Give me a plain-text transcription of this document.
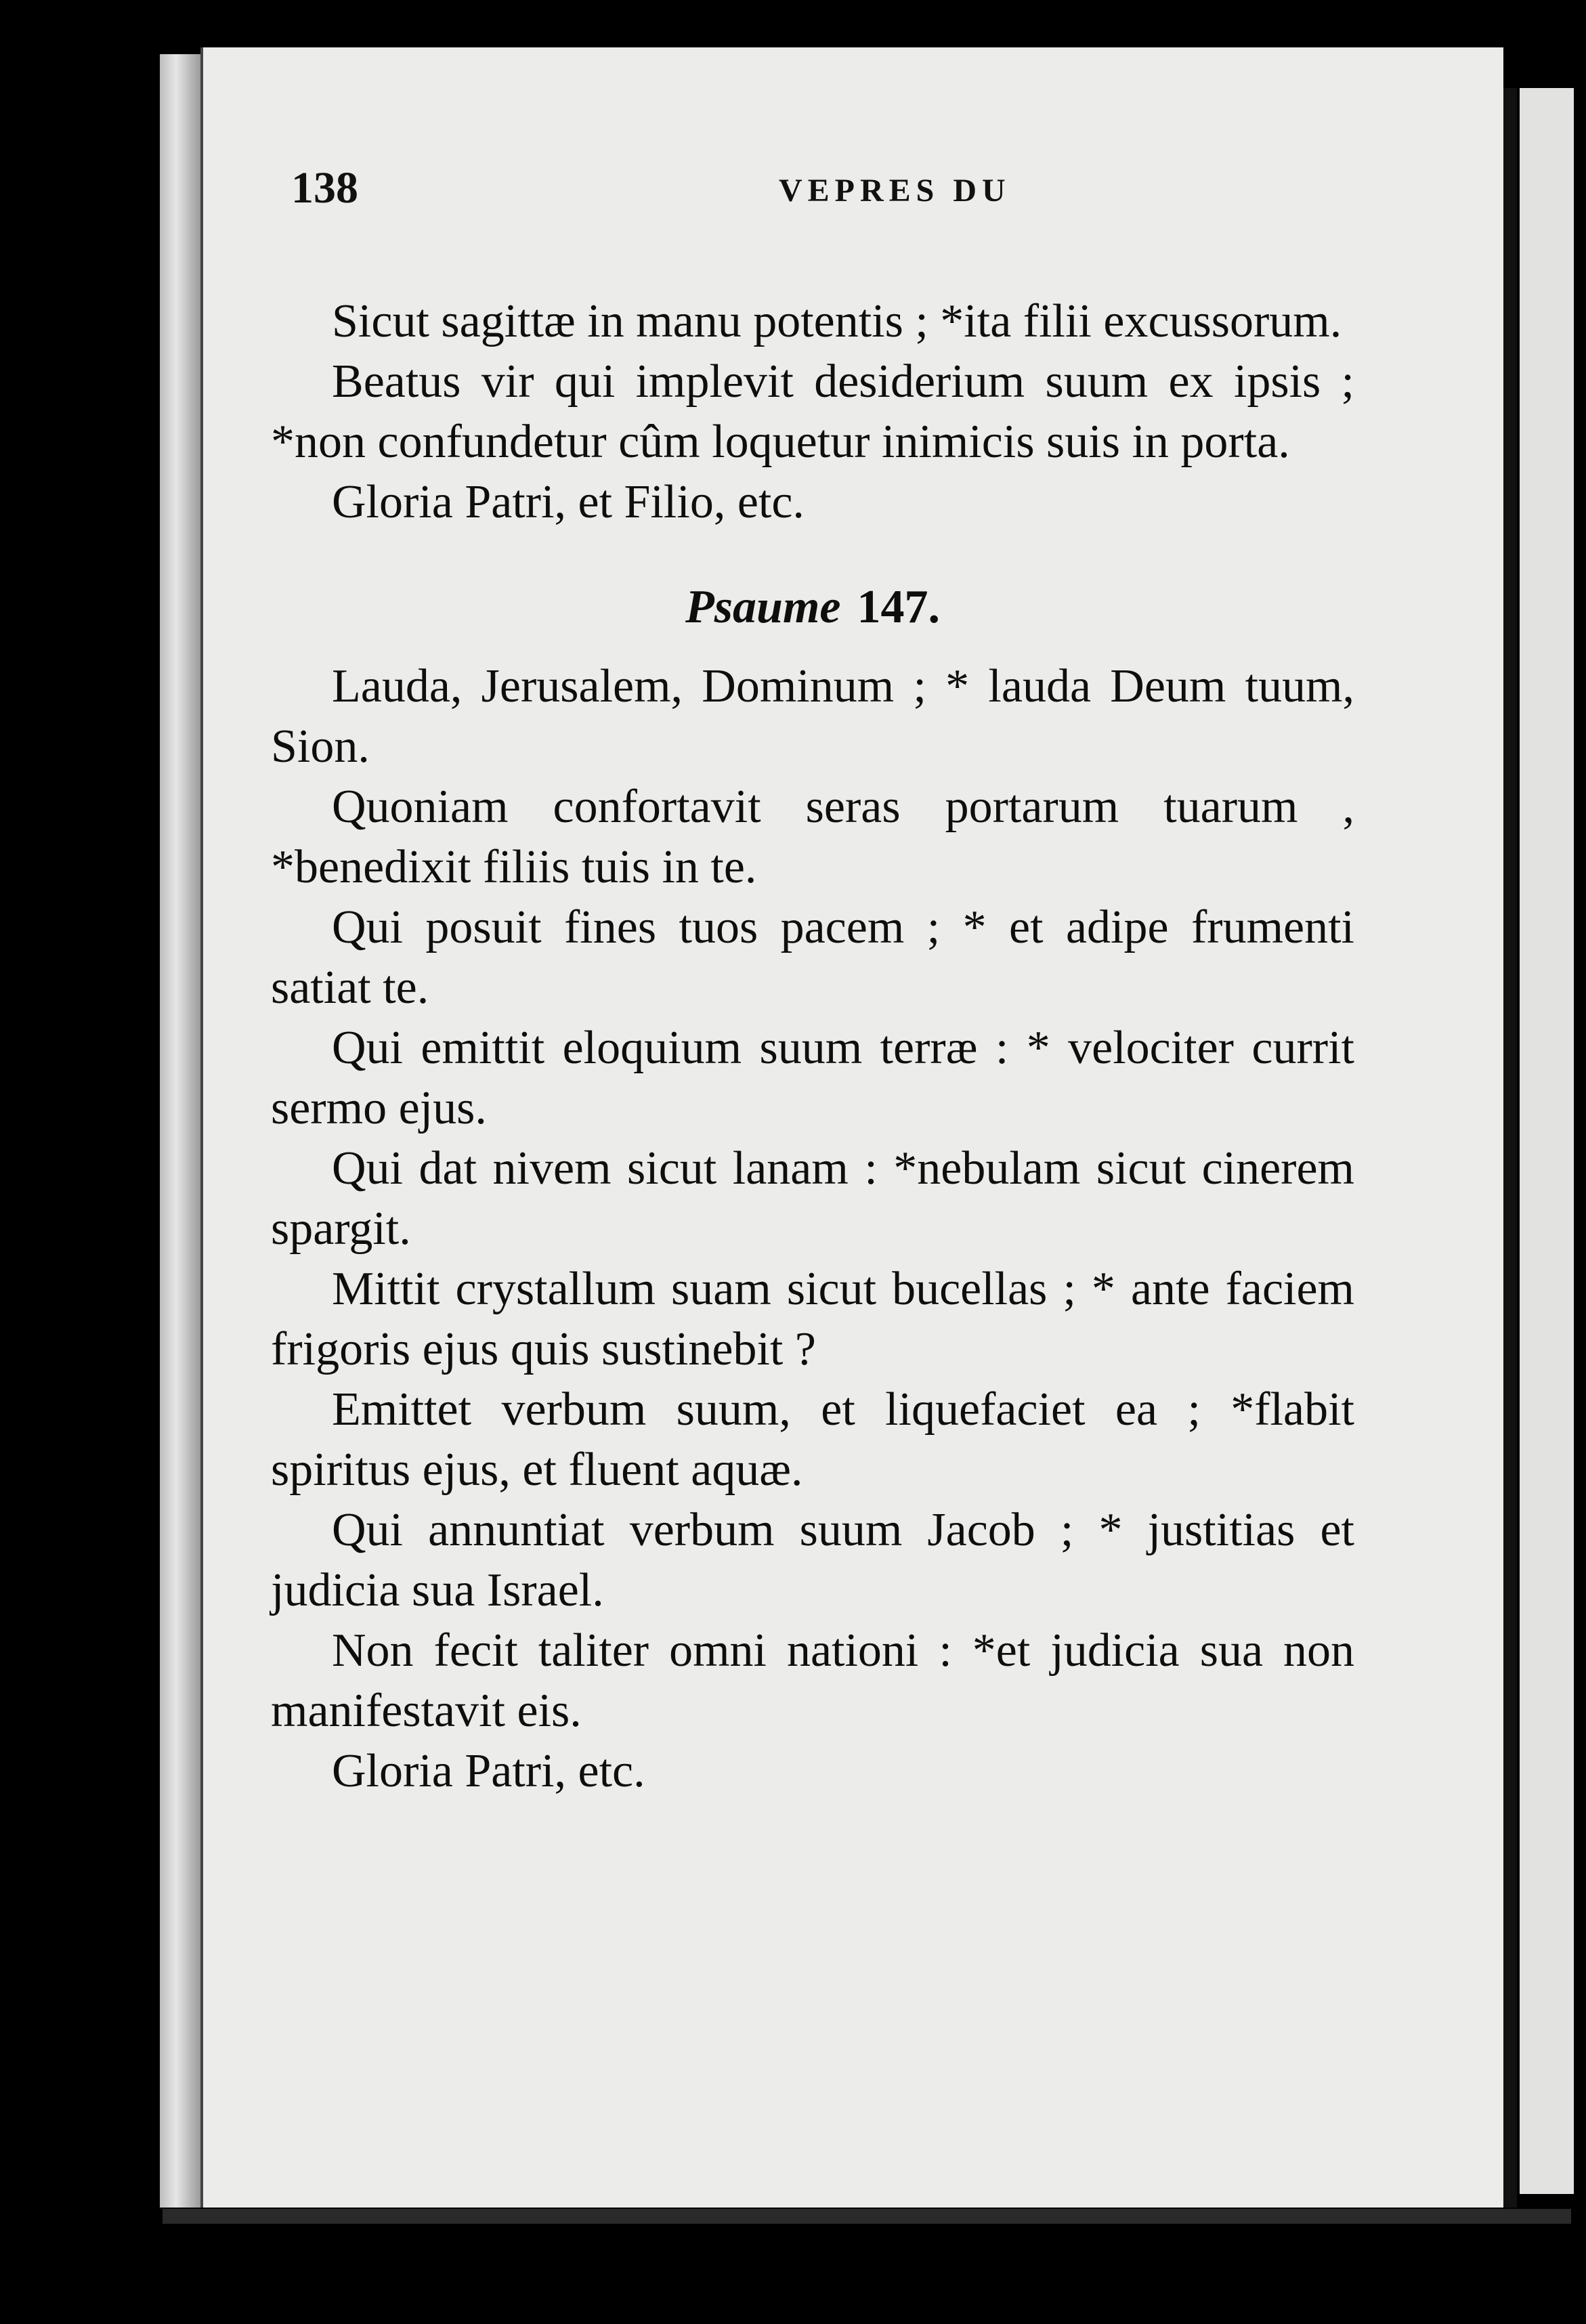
138	VEPRES DU

Sicut sagittæ in manu potentis ; *ita filii excussorum.

Beatus vir qui implevit desiderium suum ex ipsis ; *non confundetur cûm loquetur inimicis suis in porta.

Gloria Patri, et Filio, etc.

Psaume 147.

Lauda, Jerusalem, Dominum ; * lauda Deum tuum, Sion.

Quoniam confortavit seras portarum tuarum , *benedixit filiis tuis in te.

Qui posuit fines tuos pacem ; * et adipe frumenti satiat te.

Qui emittit eloquium suum terræ : * velociter currit sermo ejus.

Qui dat nivem sicut lanam : *nebulam sicut cinerem spargit.

Mittit crystallum suam sicut bucellas ; * ante faciem frigoris ejus quis sustinebit ?

Emittet verbum suum, et liquefaciet ea ; *flabit spiritus ejus, et fluent aquæ.

Qui annuntiat verbum suum Jacob ; * justitias et judicia sua Israel.

Non fecit taliter omni nationi : *et judicia sua non manifestavit eis.

Gloria Patri, etc.
